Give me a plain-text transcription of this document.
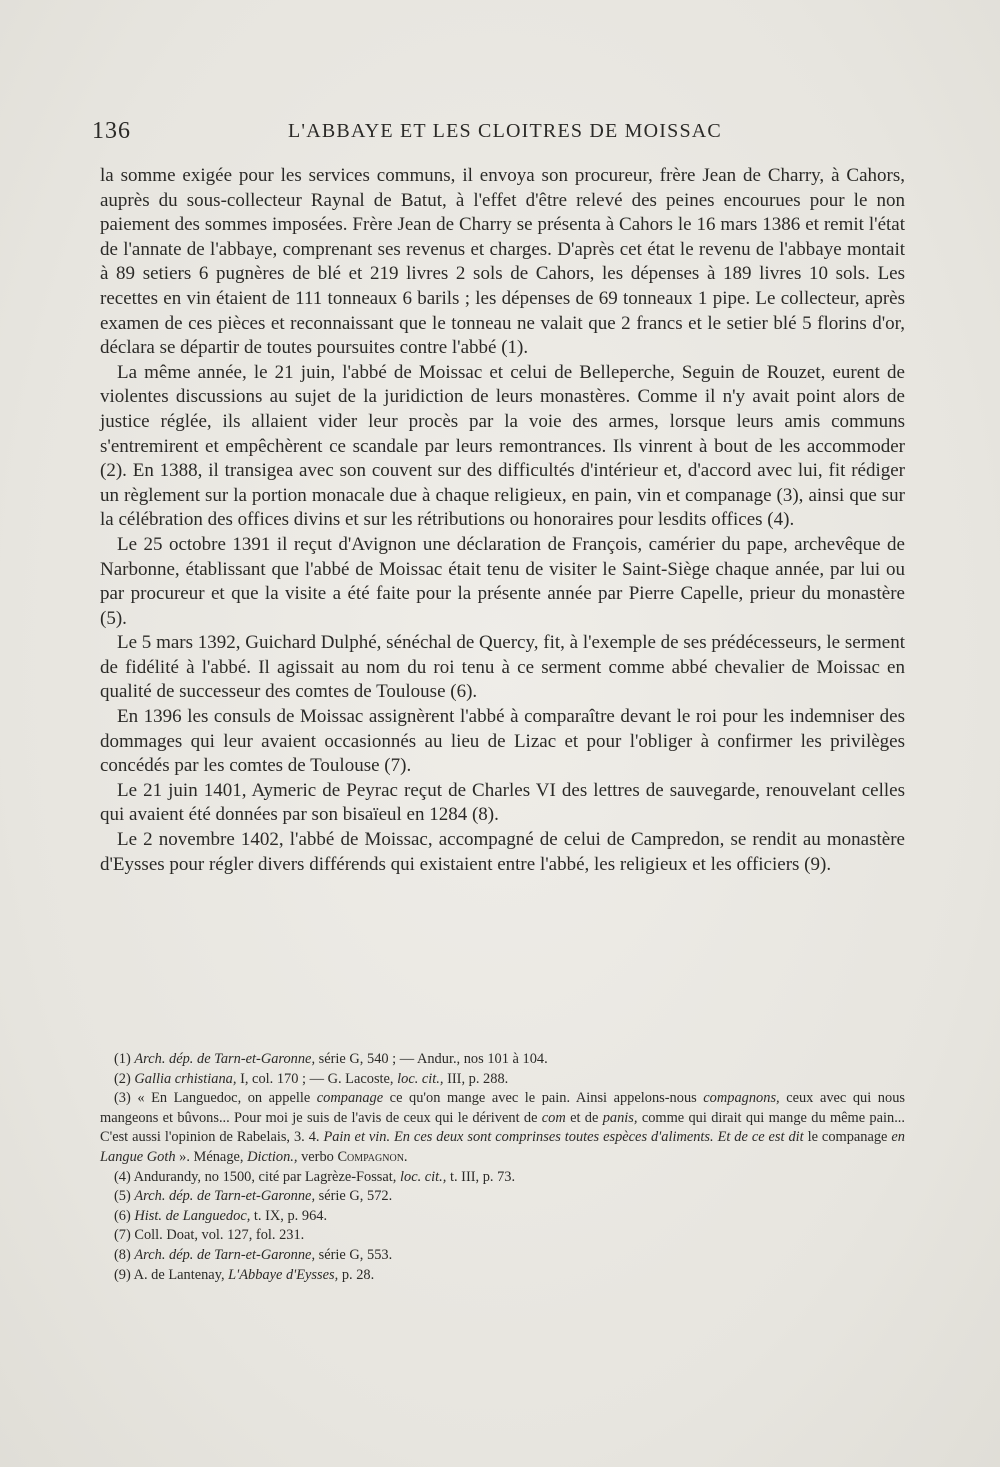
136	L'ABBAYE ET LES CLOITRES DE MOISSAC

la somme exigée pour les services communs, il envoya son procureur, frère Jean de Charry, à Cahors, auprès du sous-collecteur Raynal de Batut, à l'effet d'être relevé des peines encourues pour le non paiement des sommes imposées. Frère Jean de Charry se présenta à Cahors le 16 mars 1386 et remit l'état de l'annate de l'abbaye, comprenant ses revenus et charges. D'après cet état le revenu de l'abbaye montait à 89 setiers 6 pugnères de blé et 219 livres 2 sols de Cahors, les dépenses à 189 livres 10 sols. Les recettes en vin étaient de 111 tonneaux 6 barils ; les dépenses de 69 tonneaux 1 pipe. Le collecteur, après examen de ces pièces et reconnaissant que le tonneau ne valait que 2 francs et le setier blé 5 florins d'or, déclara se départir de toutes poursuites contre l'abbé (1).

La même année, le 21 juin, l'abbé de Moissac et celui de Belleperche, Seguin de Rouzet, eurent de violentes discussions au sujet de la juridiction de leurs monastères. Comme il n'y avait point alors de justice réglée, ils allaient vider leur procès par la voie des armes, lorsque leurs amis communs s'entremirent et empêchèrent ce scandale par leurs remontrances. Ils vinrent à bout de les accommoder (2). En 1388, il transigea avec son couvent sur des difficultés d'intérieur et, d'accord avec lui, fit rédiger un règlement sur la portion monacale due à chaque religieux, en pain, vin et companage (3), ainsi que sur la célébration des offices divins et sur les rétributions ou honoraires pour lesdits offices (4).

Le 25 octobre 1391 il reçut d'Avignon une déclaration de François, camérier du pape, archevêque de Narbonne, établissant que l'abbé de Moissac était tenu de visiter le Saint-Siège chaque année, par lui ou par procureur et que la visite a été faite pour la présente année par Pierre Capelle, prieur du monastère (5).

Le 5 mars 1392, Guichard Dulphé, sénéchal de Quercy, fit, à l'exemple de ses prédécesseurs, le serment de fidélité à l'abbé. Il agissait au nom du roi tenu à ce serment comme abbé chevalier de Moissac en qualité de successeur des comtes de Toulouse (6).

En 1396 les consuls de Moissac assignèrent l'abbé à comparaître devant le roi pour les indemniser des dommages qui leur avaient occasionnés au lieu de Lizac et pour l'obliger à confirmer les privilèges concédés par les comtes de Toulouse (7).

Le 21 juin 1401, Aymeric de Peyrac reçut de Charles VI des lettres de sauvegarde, renouvelant celles qui avaient été données par son bisaïeul en 1284 (8).

Le 2 novembre 1402, l'abbé de Moissac, accompagné de celui de Campredon, se rendit au monastère d'Eysses pour régler divers différends qui existaient entre l'abbé, les religieux et les officiers (9).

(1) Arch. dép. de Tarn-et-Garonne, série G, 540 ; — Andur., nos 101 à 104.

(2) Gallia crhistiana, I, col. 170 ; — G. Lacoste, loc. cit., III, p. 288.

(3) « En Languedoc, on appelle companage ce qu'on mange avec le pain. Ainsi appelons-nous compagnons, ceux avec qui nous mangeons et bûvons... Pour moi je suis de l'avis de ceux qui le dérivent de com et de panis, comme qui dirait qui mange du même pain... C'est aussi l'opinion de Rabelais, 3. 4. Pain et vin. En ces deux sont comprinses toutes espèces d'aliments. Et de ce est dit le companage en Langue Goth ». Ménage, Diction., verbo Compagnon.

(4) Andurandy, no 1500, cité par Lagrèze-Fossat, loc. cit., t. III, p. 73.

(5) Arch. dép. de Tarn-et-Garonne, série G, 572.

(6) Hist. de Languedoc, t. IX, p. 964.

(7) Coll. Doat, vol. 127, fol. 231.

(8) Arch. dép. de Tarn-et-Garonne, série G, 553.

(9) A. de Lantenay, L'Abbaye d'Eysses, p. 28.
